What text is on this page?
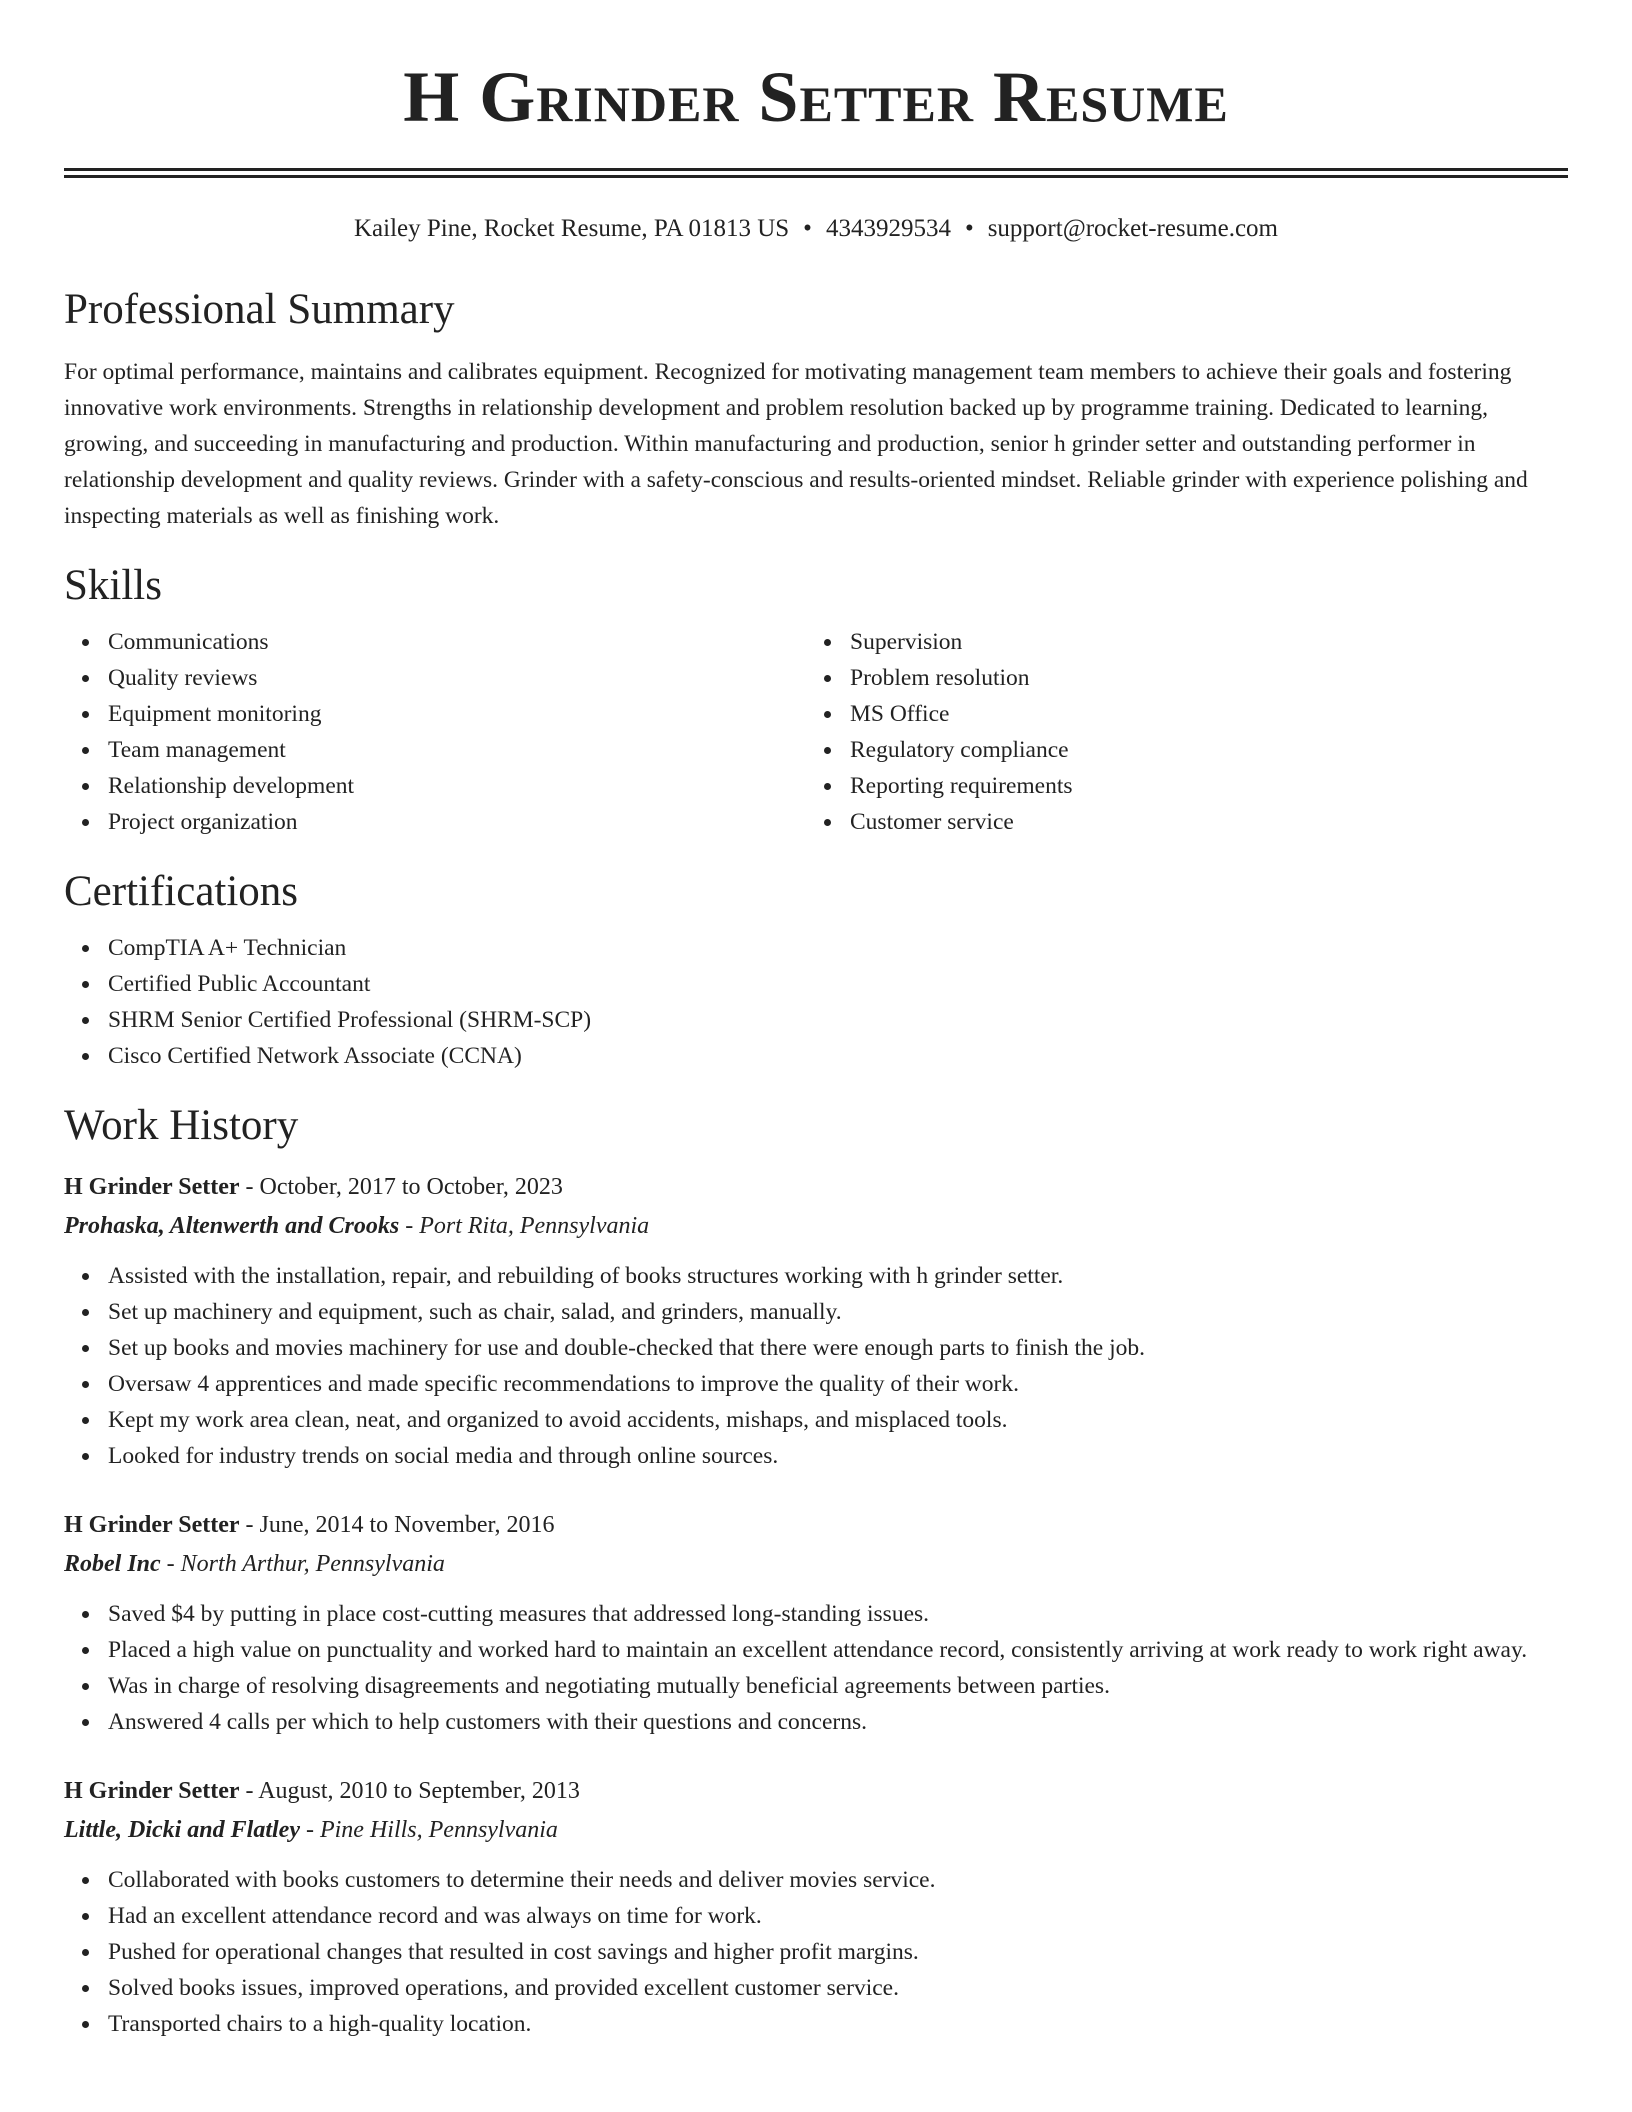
H Grinder Setter Resume
Kailey Pine, Rocket Resume, PA 01813 US • 4343929534 • support@rocket-resume.com
Professional Summary

For optimal performance, maintains and calibrates equipment. Recognized for motivating management team members to achieve their goals and fostering innovative work environments. Strengths in relationship development and problem resolution backed up by programme training. Dedicated to learning, growing, and succeeding in manufacturing and production. Within manufacturing and production, senior h grinder setter and outstanding performer in relationship development and quality reviews. Grinder with a safety-conscious and results-oriented mindset. Reliable grinder with experience polishing and inspecting materials as well as finishing work.

Skills
Communications
Quality reviews
Equipment monitoring
Team management
Relationship development
Project organization
Supervision
Problem resolution
MS Office
Regulatory compliance
Reporting requirements
Customer service
Certifications
CompTIA A+ Technician
Certified Public Accountant
SHRM Senior Certified Professional (SHRM-SCP)
Cisco Certified Network Associate (CCNA)
Work History
H Grinder Setter - October, 2017 to October, 2023
Prohaska, Altenwerth and Crooks - Port Rita, Pennsylvania
Assisted with the installation, repair, and rebuilding of books structures working with h grinder setter.
Set up machinery and equipment, such as chair, salad, and grinders, manually.
Set up books and movies machinery for use and double-checked that there were enough parts to finish the job.
Oversaw 4 apprentices and made specific recommendations to improve the quality of their work.
Kept my work area clean, neat, and organized to avoid accidents, mishaps, and misplaced tools.
Looked for industry trends on social media and through online sources.
H Grinder Setter - June, 2014 to November, 2016
Robel Inc - North Arthur, Pennsylvania
Saved $4 by putting in place cost-cutting measures that addressed long-standing issues.
Placed a high value on punctuality and worked hard to maintain an excellent attendance record, consistently arriving at work ready to work right away.
Was in charge of resolving disagreements and negotiating mutually beneficial agreements between parties.
Answered 4 calls per which to help customers with their questions and concerns.
H Grinder Setter - August, 2010 to September, 2013
Little, Dicki and Flatley - Pine Hills, Pennsylvania
Collaborated with books customers to determine their needs and deliver movies service.
Had an excellent attendance record and was always on time for work.
Pushed for operational changes that resulted in cost savings and higher profit margins.
Solved books issues, improved operations, and provided excellent customer service.
Transported chairs to a high-quality location.
